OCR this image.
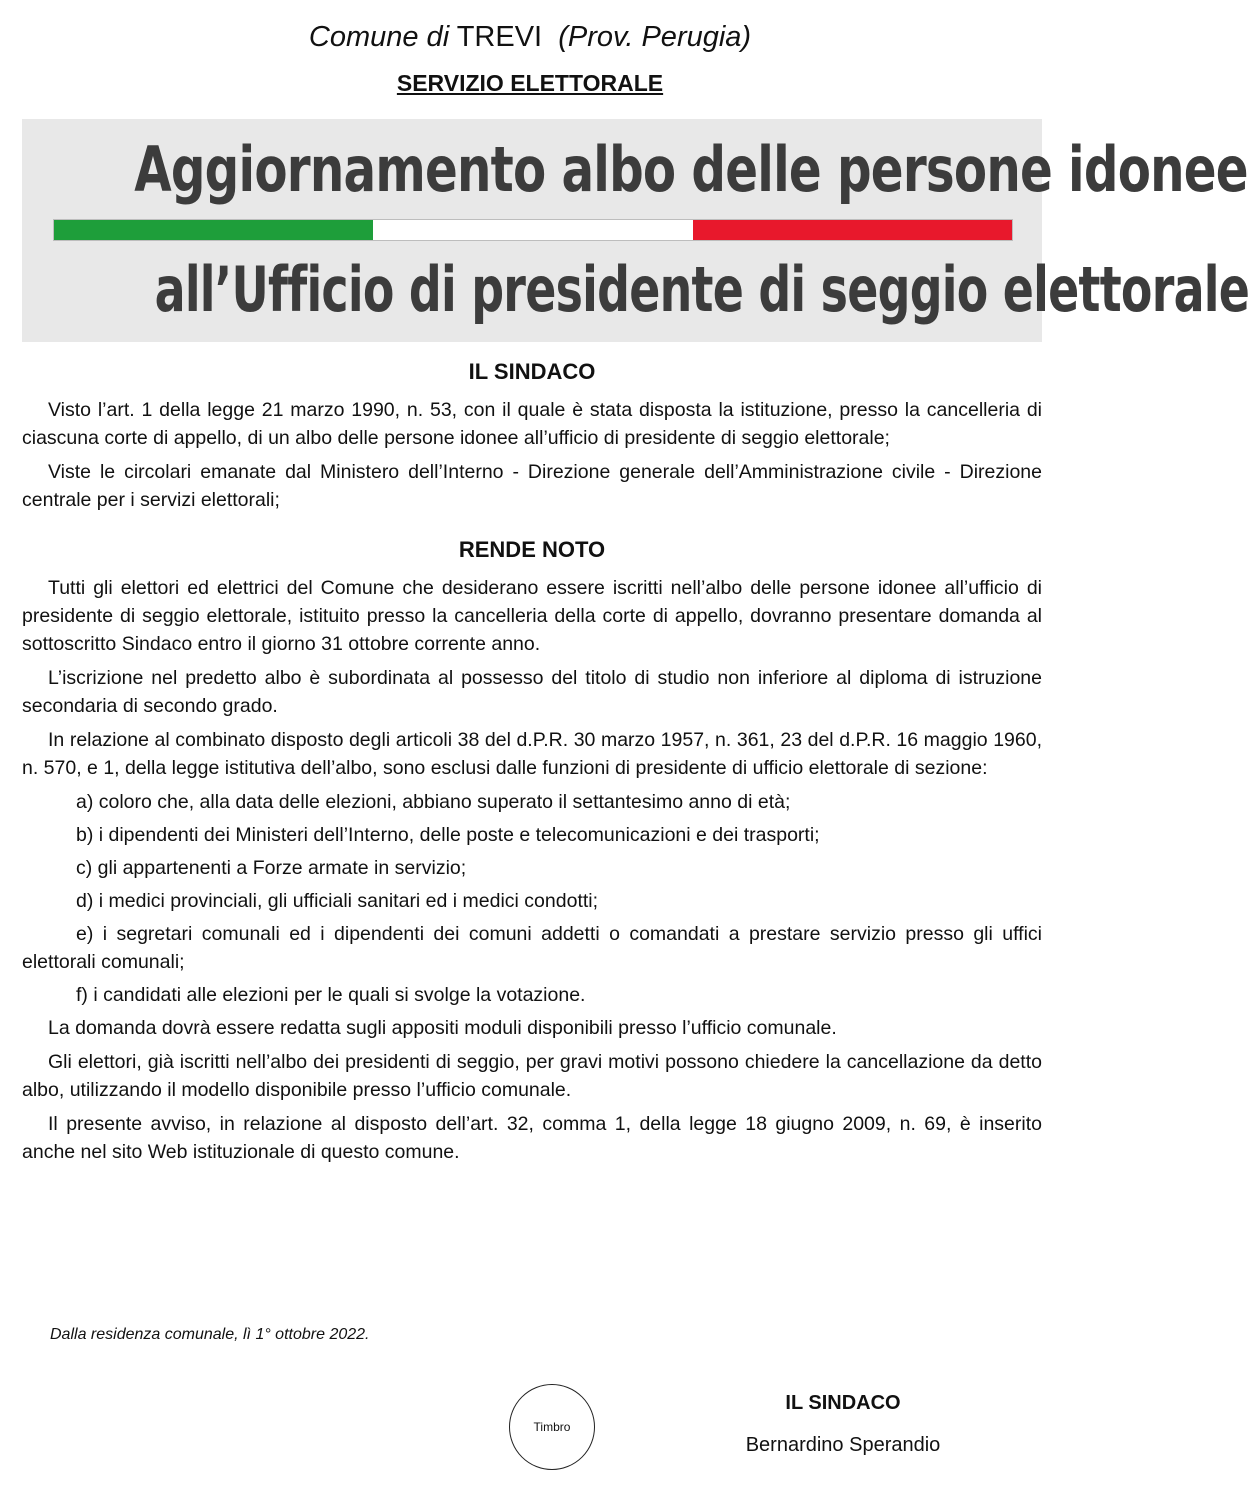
Comune di TREVI (Prov. Perugia)
SERVIZIO ELETTORALE
Aggiornamento albo delle persone idonee
all’Ufficio di presidente di seggio elettorale
IL SINDACO

Visto l’art. 1 della legge 21 marzo 1990, n. 53, con il quale è stata disposta la istituzione, presso la cancelleria di ciascuna corte di appello, di un albo delle persone idonee all’ufficio di presidente di seggio elettorale;

Viste le circolari emanate dal Ministero dell’Interno - Direzione generale dell’Amministrazione civile - Direzione centrale per i servizi elettorali;

RENDE NOTO

Tutti gli elettori ed elettrici del Comune che desiderano essere iscritti nell’albo delle persone idonee all’ufficio di presidente di seggio elettorale, istituito presso la cancelleria della corte di appello, dovranno presentare domanda al sottoscritto Sindaco entro il giorno 31 ottobre corrente anno.

L’iscrizione nel predetto albo è subordinata al possesso del titolo di studio non inferiore al diploma di istruzione secondaria di secondo grado.

In relazione al combinato disposto degli articoli 38 del d.P.R. 30 marzo 1957, n. 361, 23 del d.P.R. 16 maggio 1960, n. 570, e 1, della legge istitutiva dell’albo, sono esclusi dalle funzioni di presidente di ufficio elettorale di sezione:

a) coloro che, alla data delle elezioni, abbiano superato il settantesimo anno di età;

b) i dipendenti dei Ministeri dell’Interno, delle poste e telecomunicazioni e dei trasporti;

c) gli appartenenti a Forze armate in servizio;

d) i medici provinciali, gli ufficiali sanitari ed i medici condotti;

e) i segretari comunali ed i dipendenti dei comuni addetti o comandati a prestare servizio presso gli uffici elettorali comunali;

f) i candidati alle elezioni per le quali si svolge la votazione.

La domanda dovrà essere redatta sugli appositi moduli disponibili presso l’ufficio comunale.

Gli elettori, già iscritti nell’albo dei presidenti di seggio, per gravi motivi possono chiedere la cancellazione da detto albo, utilizzando il modello disponibile presso l’ufficio comunale.

Il presente avviso, in relazione al disposto dell’art. 32, comma 1, della legge 18 giugno 2009, n. 69, è inserito anche nel sito Web istituzionale di questo comune.

Dalla residenza comunale, lì 1° ottobre 2022.
Timbro
IL SINDACO
Bernardino Sperandio
